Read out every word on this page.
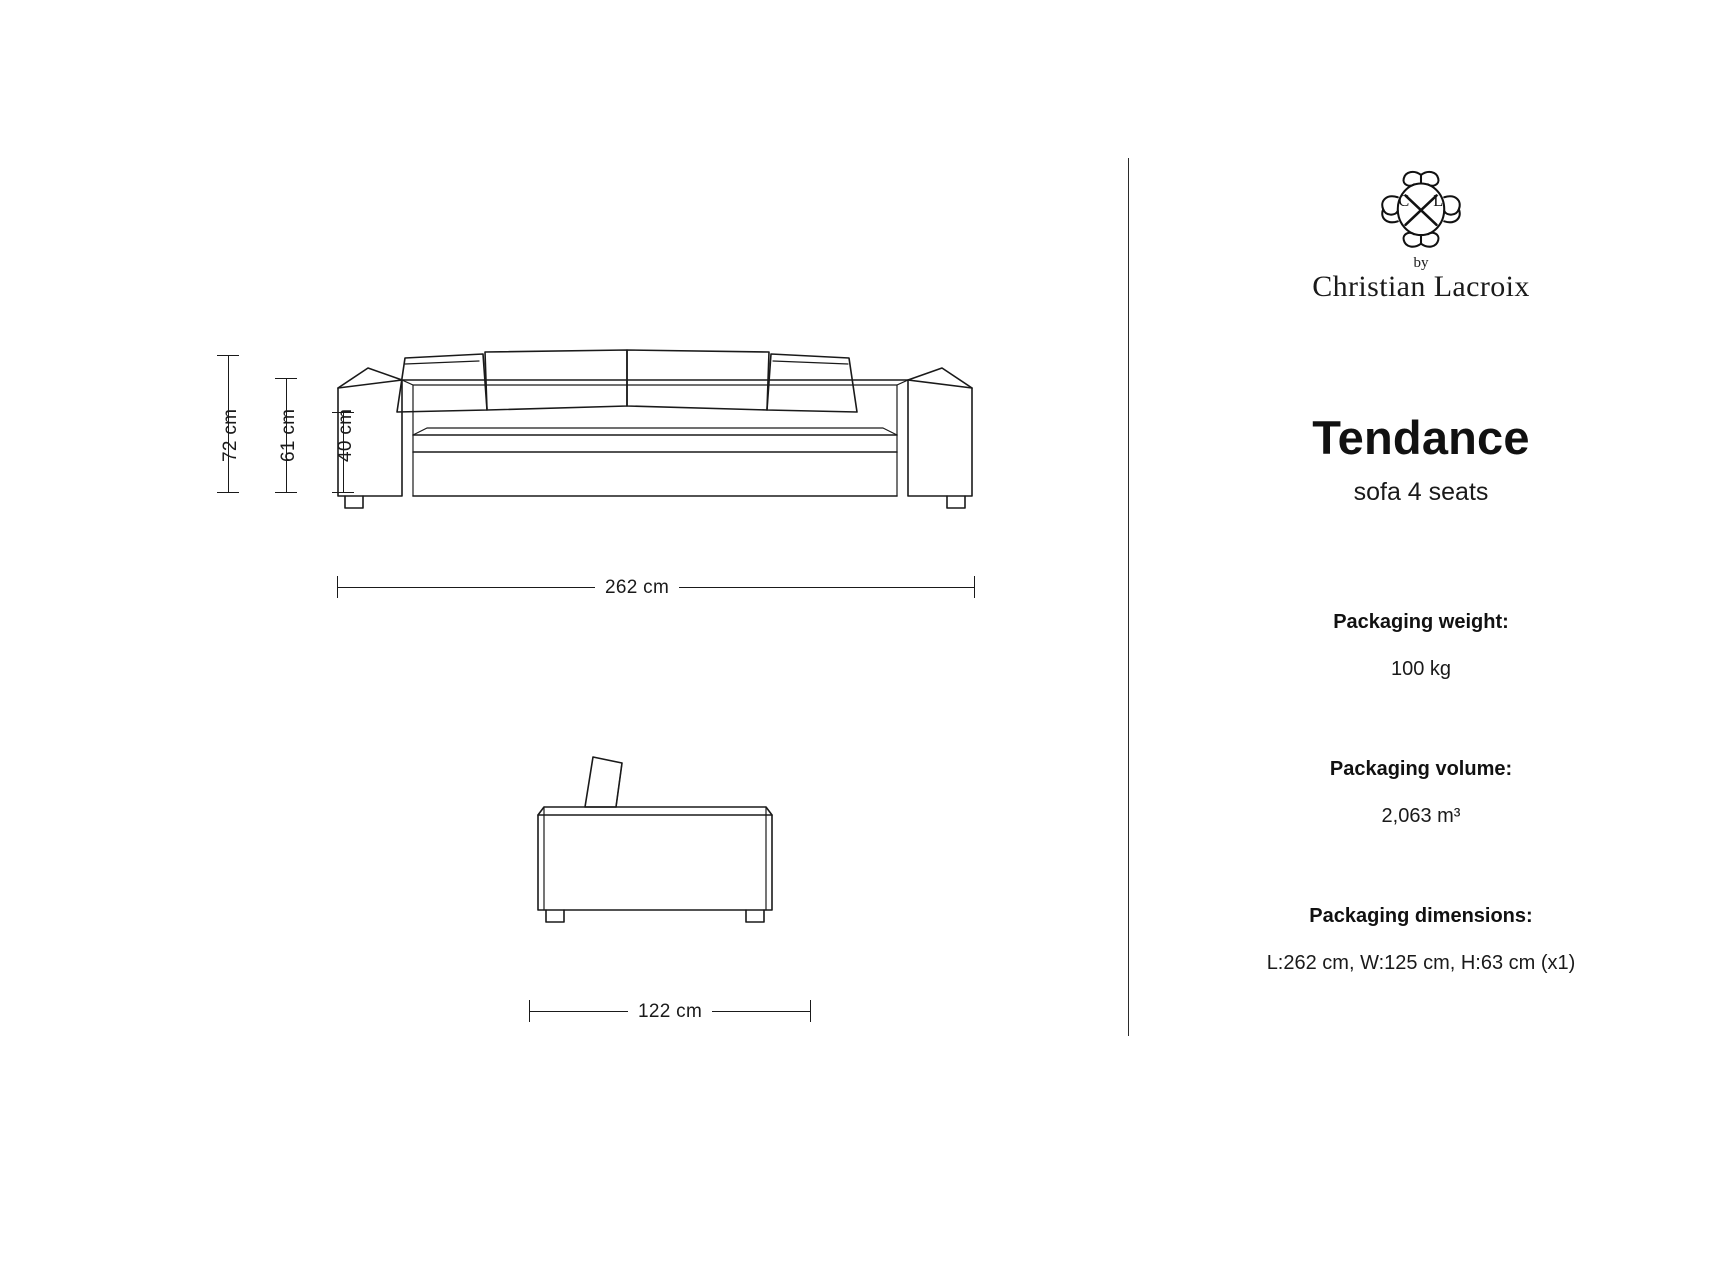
72 cm 61 cm 40 cm
262 cm
122 cm
C L
by
Christian Lacroix
Tendance
sofa 4 seats
Packaging weight:
100 kg
Packaging volume:
2,063 m³
Packaging dimensions:
L:262 cm, W:125 cm, H:63 cm (x1)
